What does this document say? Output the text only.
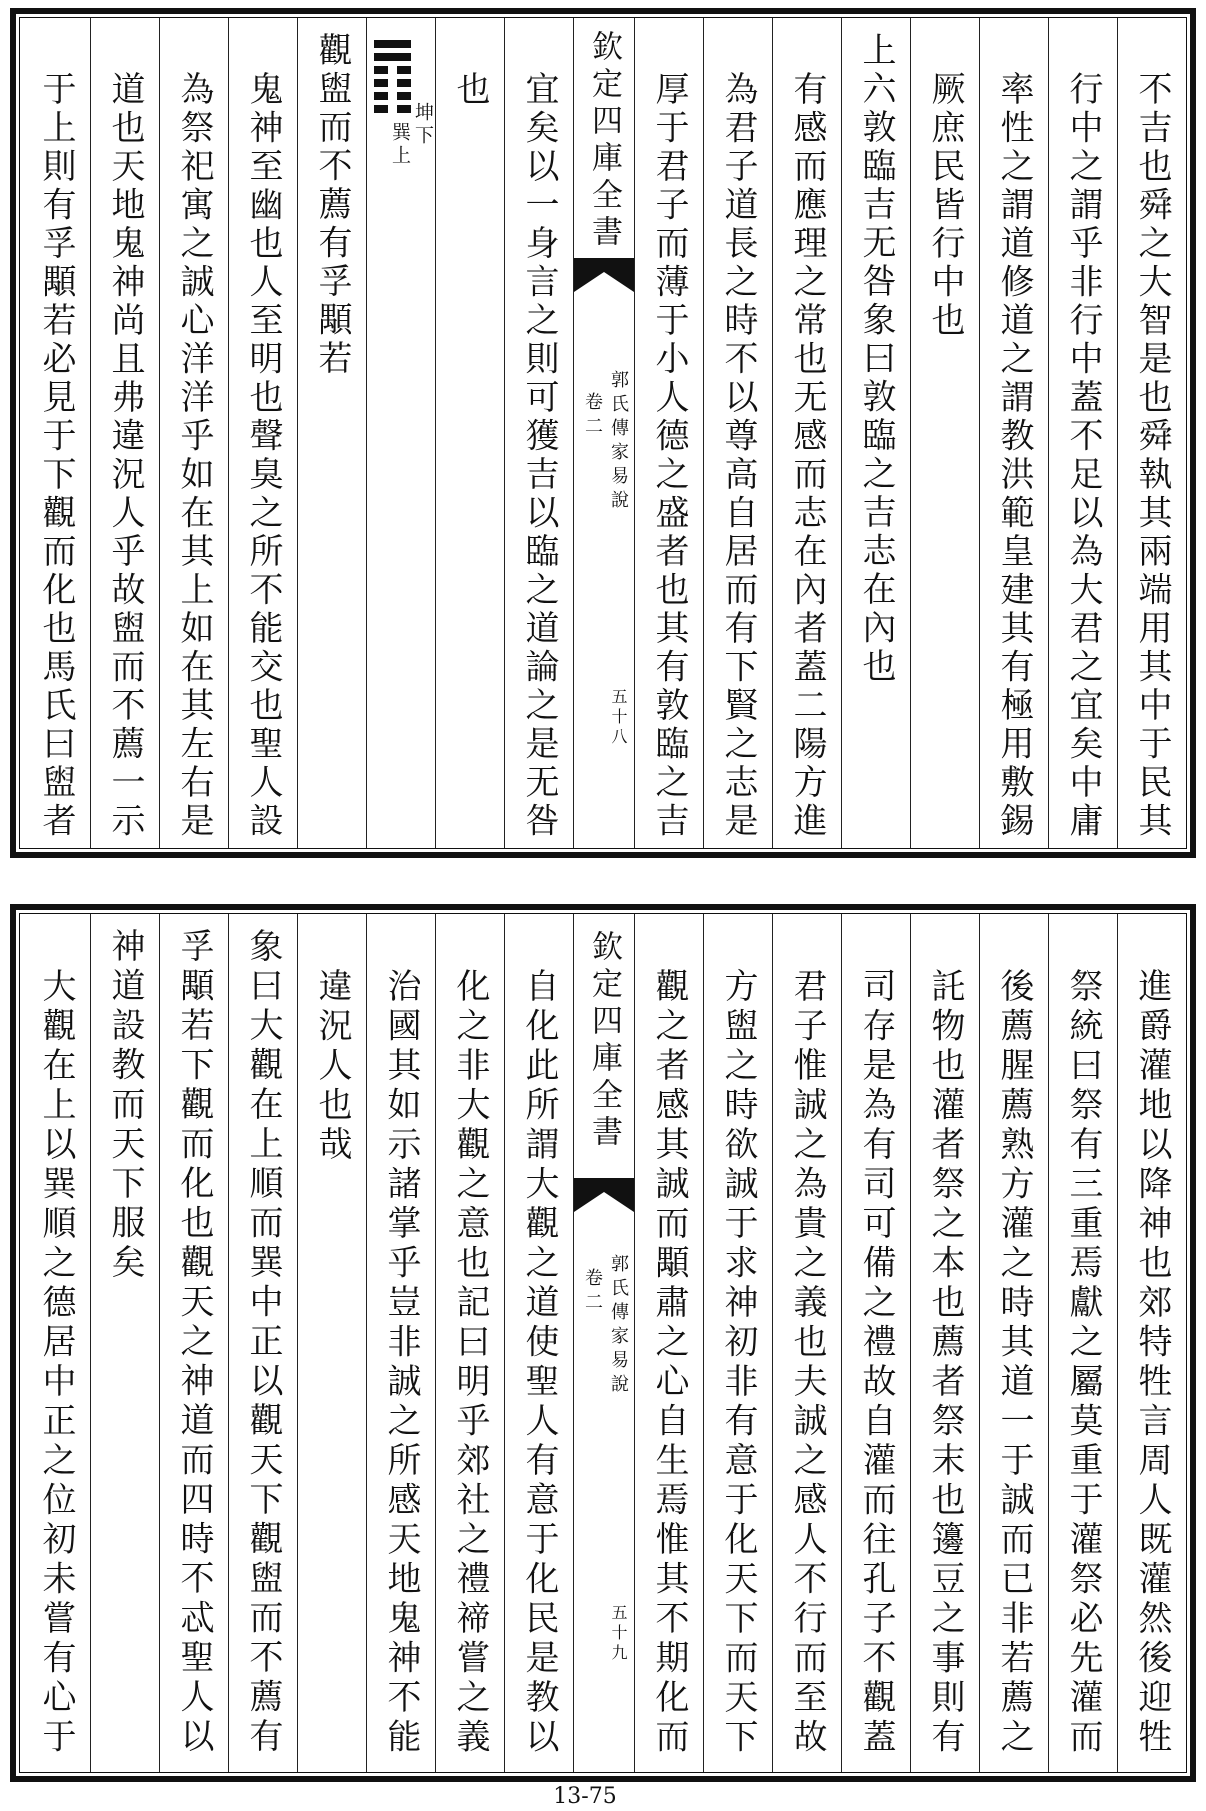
不吉也舜之大智是也舜執其兩端用其中于民其
行中之謂乎非行中蓋不足以為大君之宜矣中庸
率性之謂道修道之謂教洪範皇建其有極用敷錫
厥庶民皆行中也
上六敦臨吉无咎象曰敦臨之吉志在內也
有感而應理之常也无感而志在內者蓋二陽方進
為君子道長之時不以尊高自居而有下賢之志是
厚于君子而薄于小人德之盛者也其有敦臨之吉
欽定四庫全書
郭氏傳家易說
卷二
五十八
宜矣以一身言之則可獲吉以臨之道論之是无咎
也
坤下
巽上
觀盥而不薦有孚顒若
鬼神至幽也人至明也聲臭之所不能交也聖人設
為祭祀寓之誠心洋洋乎如在其上如在其左右是
道也天地鬼神尚且弗違況人乎故盥而不薦一示
于上則有孚顒若必見于下觀而化也馬氏曰盥者
進爵灌地以降神也郊特牲言周人既灌然後迎牲
祭統曰祭有三重焉獻之屬莫重于灌祭必先灌而
後薦腥薦熟方灌之時其道一于誠而已非若薦之
託物也灌者祭之本也薦者祭末也籩豆之事則有
司存是為有司可備之禮故自灌而往孔子不觀蓋
君子惟誠之為貴之義也夫誠之感人不行而至故
方盥之時欲誠于求神初非有意于化天下而天下
觀之者感其誠而顒肅之心自生焉惟其不期化而
欽定四庫全書
郭氏傳家易說
卷二
五十九
自化此所謂大觀之道使聖人有意于化民是教以
化之非大觀之意也記曰明乎郊社之禮禘嘗之義
治國其如示諸掌乎豈非誠之所感天地鬼神不能
違況人也哉
象曰大觀在上順而巽中正以觀天下觀盥而不薦有
孚顒若下觀而化也觀天之神道而四時不忒聖人以
神道設教而天下服矣
大觀在上以巽順之德居中正之位初未嘗有心于
13-75
